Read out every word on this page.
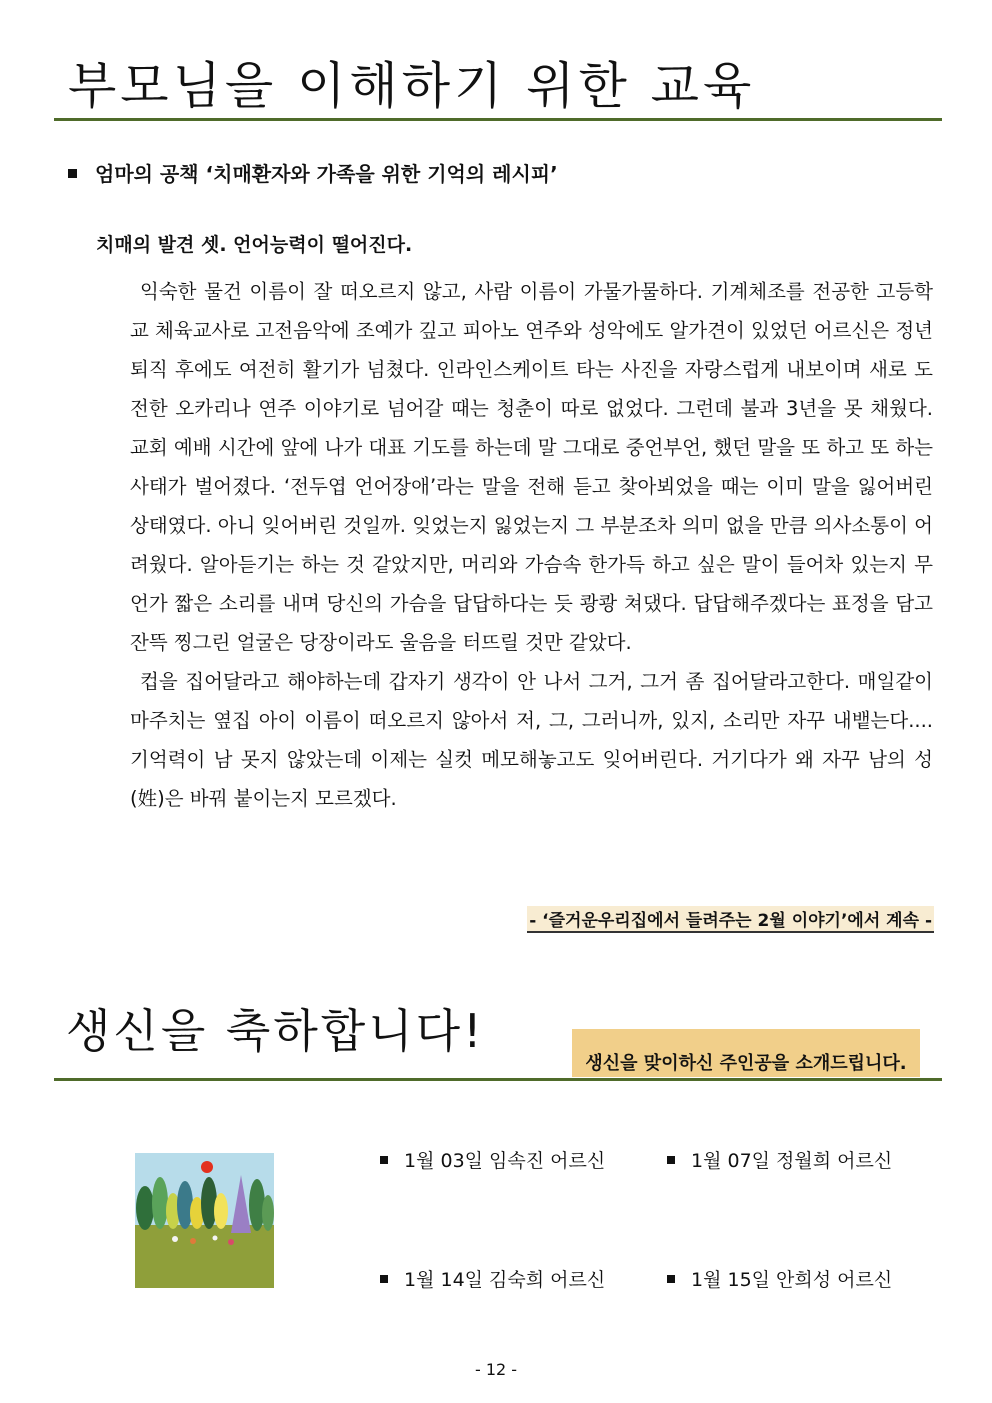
부모님을 이해하기 위한 교육
엄마의 공책 ‘치매환자와 가족을 위한 기억의 레시피’
치매의 발견 셋. 언어능력이 떨어진다.

익숙한 물건 이름이 잘 떠오르지 않고, 사람 이름이 가물가물하다. 기계체조를 전공한 고등학교 체육교사로 고전음악에 조예가 깊고 피아노 연주와 성악에도 알가견이 있었던 어르신은 정년 퇴직 후에도 여전히 활기가 넘쳤다. 인라인스케이트 타는 사진을 자랑스럽게 내보이며 새로 도전한 오카리나 연주 이야기로 넘어갈 때는 청춘이 따로 없었다. 그런데 불과 3년을 못 채웠다. 교회 예배 시간에 앞에 나가 대표 기도를 하는데 말 그대로 중언부언, 했던 말을 또 하고 또 하는 사태가 벌어졌다. ‘전두엽 언어장애’라는 말을 전해 듣고 찾아뵈었을 때는 이미 말을 잃어버린 상태였다. 아니 잊어버린 것일까. 잊었는지 잃었는지 그 부분조차 의미 없을 만큼 의사소통이 어려웠다. 알아듣기는 하는 것 같았지만, 머리와 가슴속 한가득 하고 싶은 말이 들어차 있는지 무언가 짧은 소리를 내며 당신의 가슴을 답답하다는 듯 쾅쾅 쳐댔다. 답답해주겠다는 표정을 담고 잔뜩 찡그린 얼굴은 당장이라도 울음을 터뜨릴 것만 같았다.

컵을 집어달라고 해야하는데 갑자기 생각이 안 나서 그거, 그거 좀 집어달라고한다. 매일같이 마주치는 옆집 아이 이름이 떠오르지 않아서 저, 그, 그러니까, 있지, 소리만 자꾸 내뱉는다.... 기억력이 남 못지 않았는데 이제는 실컷 메모해놓고도 잊어버린다. 거기다가 왜 자꾸 남의 성(姓)은 바꿔 붙이는지 모르겠다.

- ‘즐거운우리집에서 들려주는 2월 이야기’에서 계속 -
생신을 축하합니다!
생신을 맞이하신 주인공을 소개드립니다.
1월 03일 임속진 어르신	1월 07일 정월희 어르신
1월 14일 김숙희 어르신	1월 15일 안희성 어르신
- 12 -
